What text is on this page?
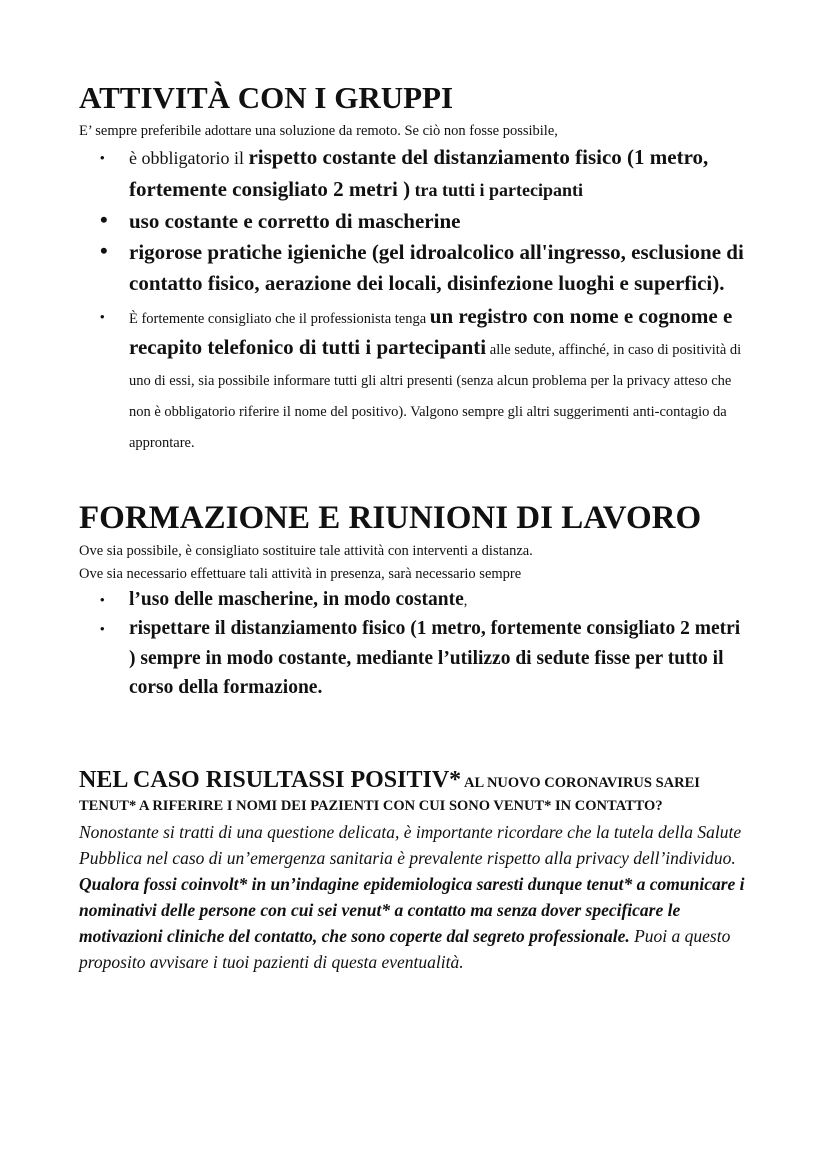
ATTIVITÀ CON I GRUPPI

E’ sempre preferibile adottare una soluzione da remoto. Se ciò non fosse possibile,

• è obbligatorio il rispetto costante del distanziamento fisico (1 metro, fortemente consigliato 2 metri ) tra tutti i partecipanti
• uso costante e corretto di mascherine
• rigorose pratiche igieniche (gel idroalcolico all'ingresso, esclusione di contatto fisico, aerazione dei locali, disinfezione luoghi e superfici).
• È fortemente consigliato che il professionista tenga un registro con nome e cognome e recapito telefonico di tutti i partecipanti alle sedute, affinché, in caso di positività di uno di essi, sia possibile informare tutti gli altri presenti (senza alcun problema per la privacy atteso che non è obbligatorio riferire il nome del positivo). Valgono sempre gli altri suggerimenti anti-contagio da approntare.
FORMAZIONE E RIUNIONI DI LAVORO

Ove sia possibile, è consigliato sostituire tale attività con interventi a distanza.

Ove sia necessario effettuare tali attività in presenza, sarà necessario sempre

• l’uso delle mascherine, in modo costante,
• rispettare il distanziamento fisico (1 metro, fortemente consigliato 2 metri ) sempre in modo costante, mediante l’utilizzo di sedute fisse per tutto il corso della formazione.

NEL CASO RISULTASSI POSITIV* AL NUOVO CORONAVIRUS SAREI TENUT* A RIFERIRE I NOMI DEI PAZIENTI CON CUI SONO VENUT* IN CONTATTO?

Nonostante si tratti di una questione delicata, è importante ricordare che la tutela della Salute Pubblica nel caso di un’emergenza sanitaria è prevalente rispetto alla privacy dell’individuo. Qualora fossi coinvolt* in un’indagine epidemiologica saresti dunque tenut* a comunicare i nominativi delle persone con cui sei venut* a contatto ma senza dover specificare le motivazioni cliniche del contatto, che sono coperte dal segreto professionale. Puoi a questo proposito avvisare i tuoi pazienti di questa eventualità.
